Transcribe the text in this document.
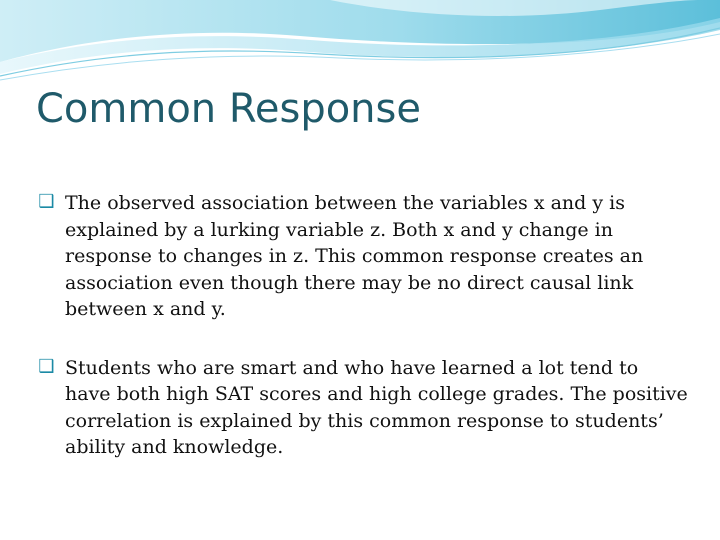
Common Response

❑ The observed association between the variables x and y is explained by a lurking variable z. Both x and y change in response to changes in z. This common response creates an association even though there may be no direct causal link between x and y.

❑ Students who are smart and who have learned a lot tend to have both high SAT scores and high college grades. The positive correlation is explained by this common response to students’ ability and knowledge.
